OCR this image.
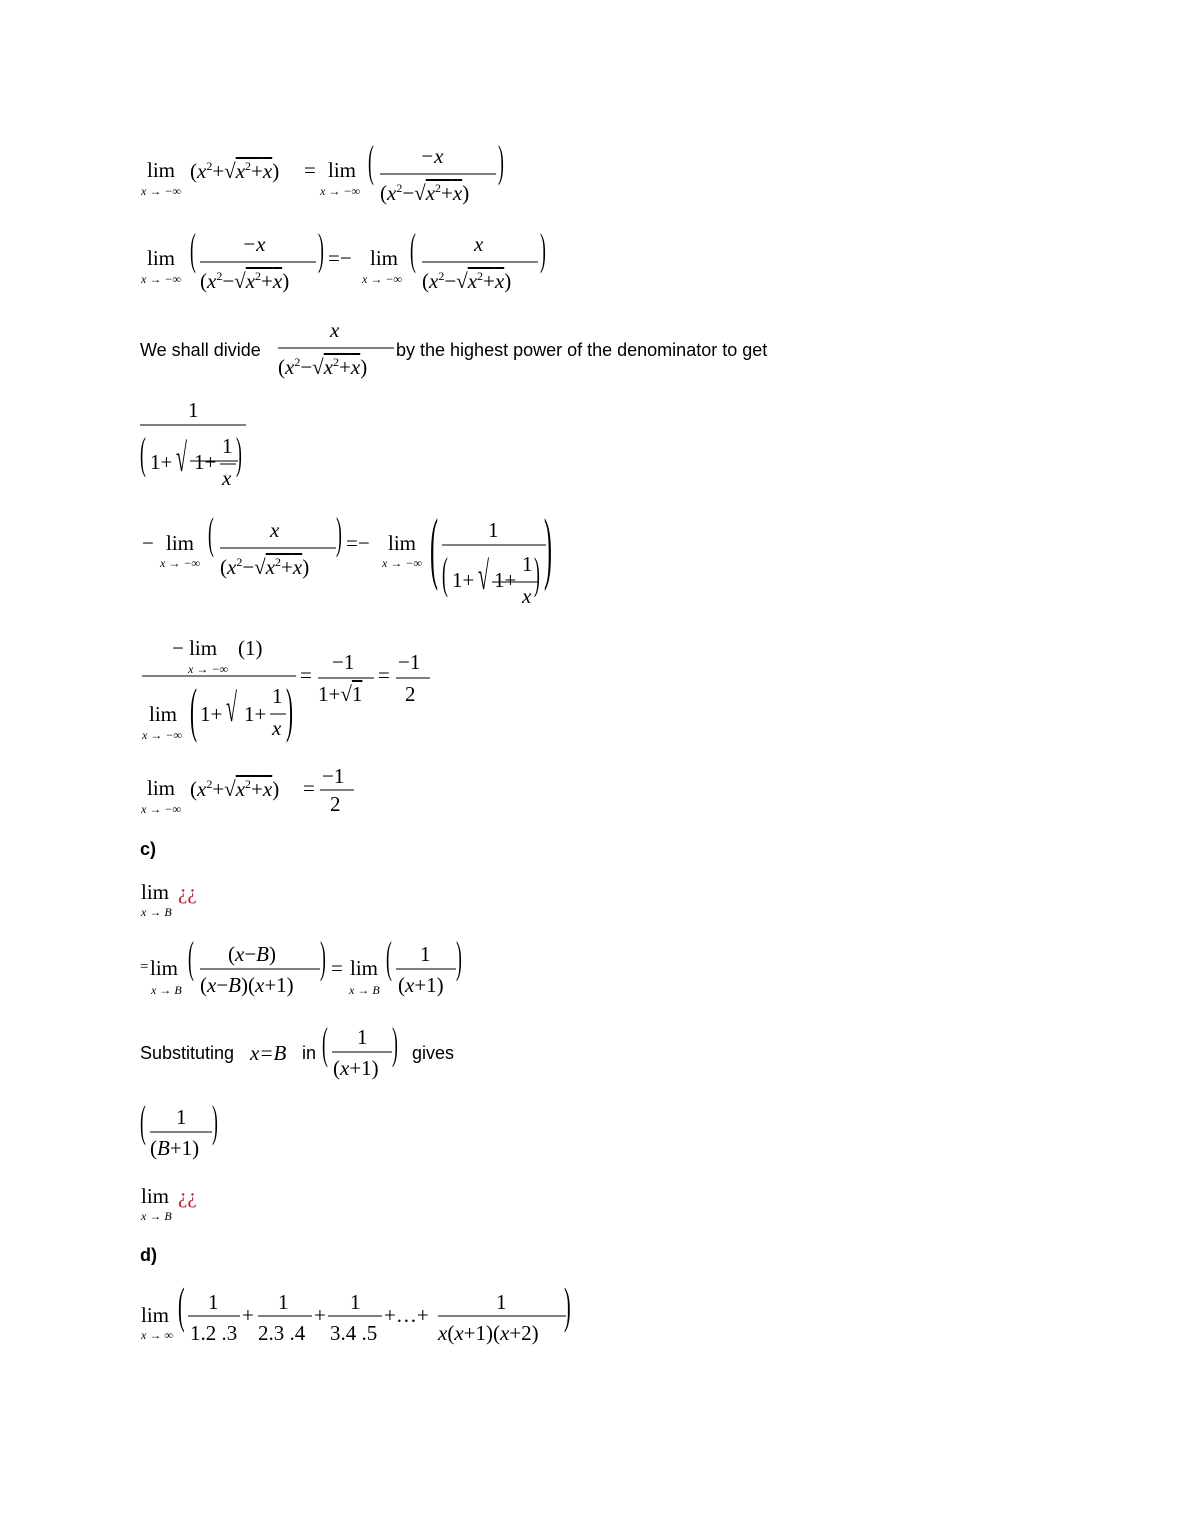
lim
x → −∞
$(x^2+√x^2+x) = \lim$
x → −∞
( −x
$(x^2-√x^2+x)$
)
lim
x → −∞
( −x
$(x^2-√x^2+x)$
) =− lim
x → −∞
(	x
$(x^2-√x^2+x)$
)
We shall divide
x
$(x^2-√x^2+x)$
by the highest power of the denominator to get
1
( 1+ √ 1+
1
x )
− lim
x → −∞
(	x
$(x^2-√x^2+x)$
) =− lim
x → −∞ ( 1
( 1+ √ 1+
1
x ) )
− lim
x → −∞
(1)
lim
x → −∞ ( 1+ √ 1+
1
x )
=
−1
1+√1
=
−1
2
lim
x → −∞
$(x^2+√x^2+x) = -1$
2
c)
lim
x → B
¿¿
= lim
x → B
( (x−B)
(x−B)(x+1)
) = lim
x → B
( 1
(x+1)
)
Substituting x=B in ( 1
(x+1) ) gives
( 1
(B+1)
)
lim
x → B
¿¿
d)
lim
x → ∞
( 1
1.2 .3
+
1
2.3 .4
+
1
3.4 .5
+…+
1
x(x+1)(x+2) )
